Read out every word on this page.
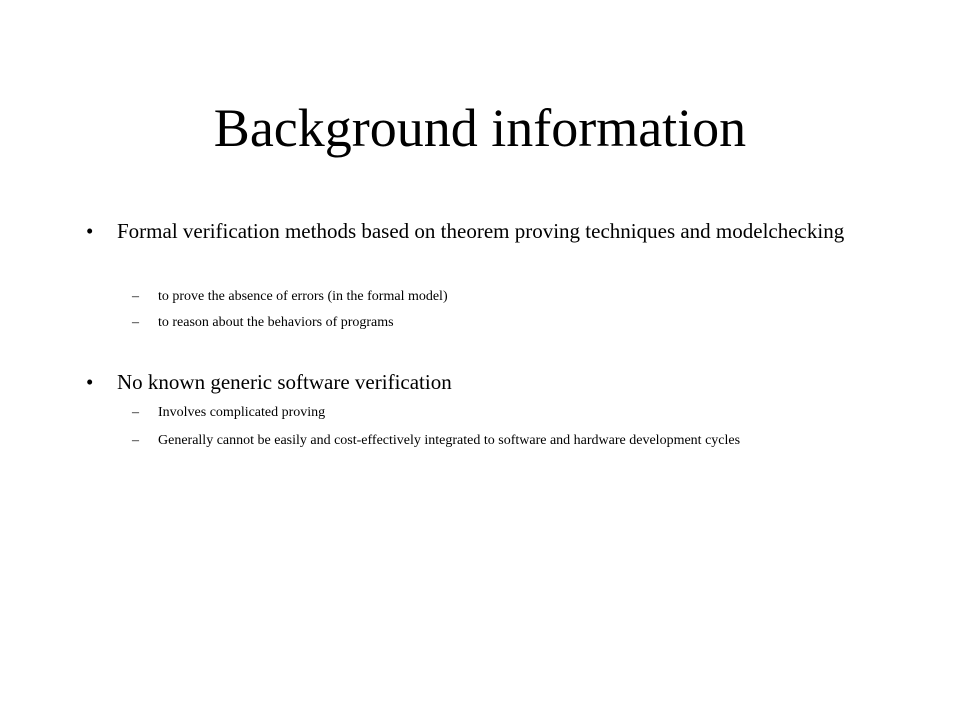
Background information
•	Formal verification methods based on theorem proving techniques and modelchecking
– to prove the absence of errors (in the formal model)
– to reason about the behaviors of programs
•	No known generic software verification
– Involves complicated proving
– Generally cannot be easily and cost-effectively integrated to software and hardware development cycles
